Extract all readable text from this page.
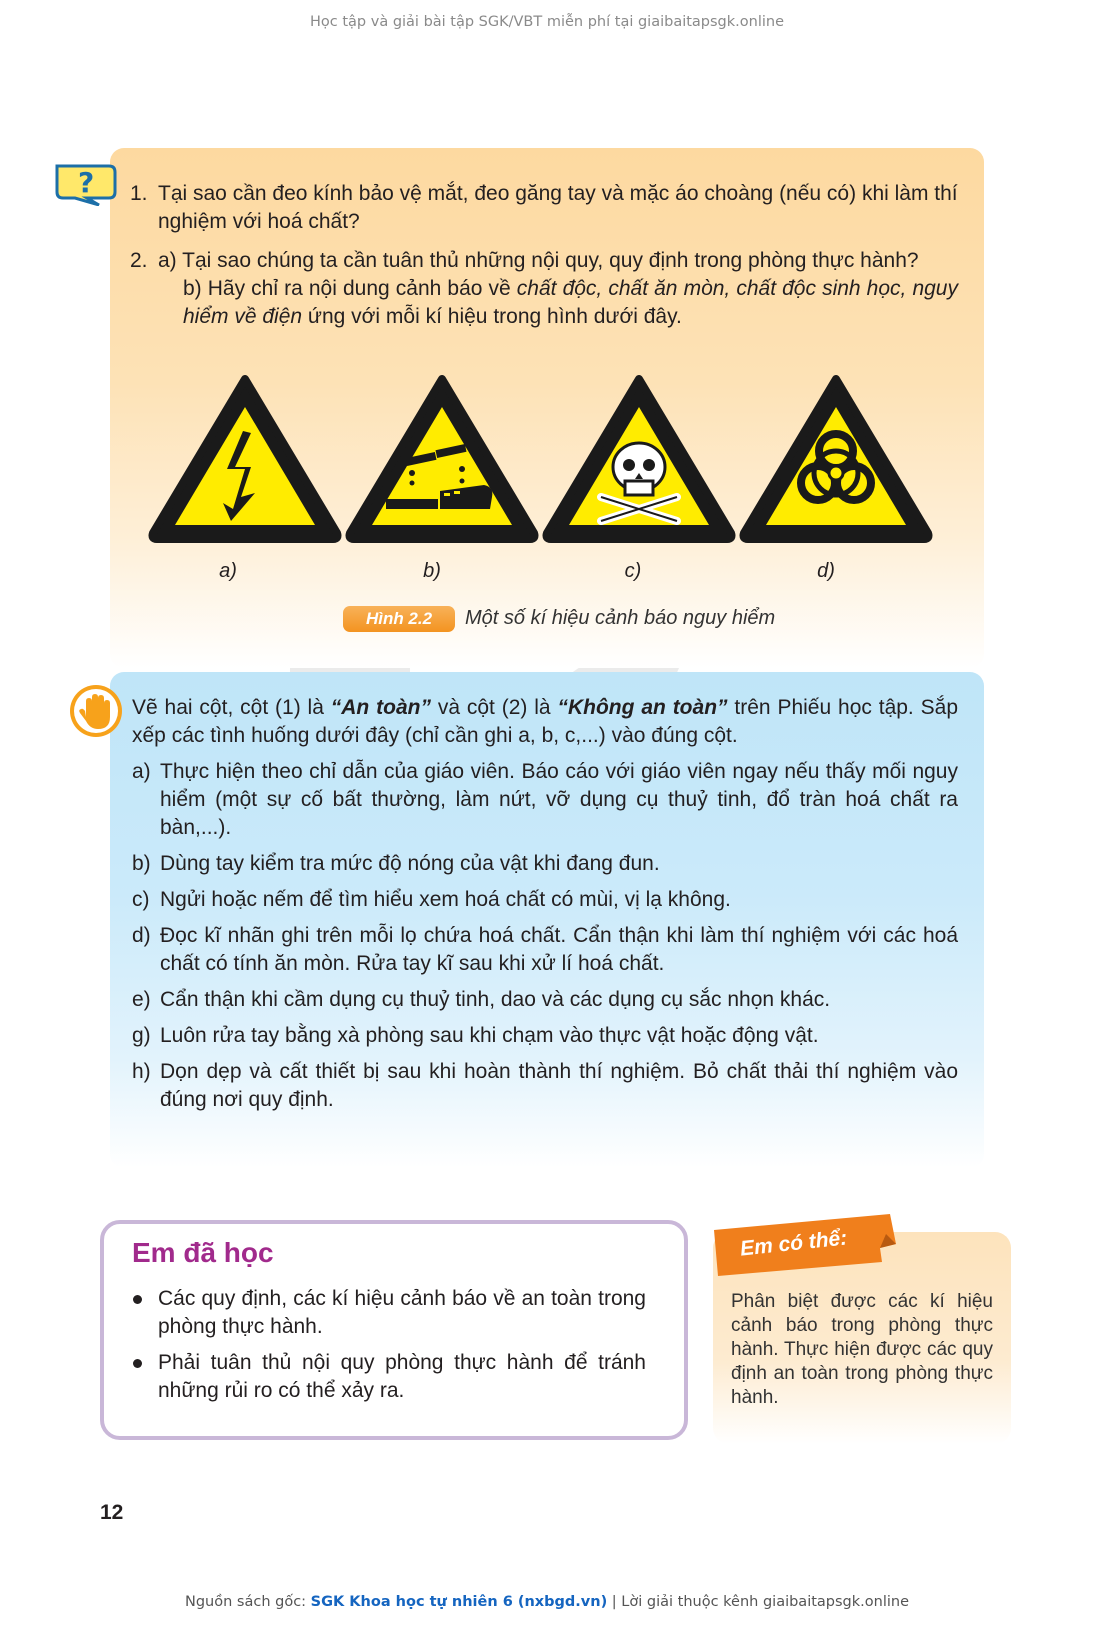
Học tập và giải bài tập SGK/VBT miễn phí tại giaibaitapsgk.online
? 1. Tại sao cần đeo kính bảo vệ mắt, đeo găng tay và mặc áo choàng (nếu có) khi làm thí nghiệm với hoá chất?
2. a) Tại sao chúng ta cần tuân thủ những nội quy, quy định trong phòng thực hành?

b) Hãy chỉ ra nội dung cảnh báo về chất độc, chất ăn mòn, chất độc sinh học, nguy hiểm về điện ứng với mỗi kí hiệu trong hình dưới đây.

a)	b)	c)	d)
Hình 2.2	Một số kí hiệu cảnh báo nguy hiểm

Vẽ hai cột, cột (1) là “An toàn” và cột (2) là “Không an toàn” trên Phiếu học tập. Sắp xếp các tình huống dưới đây (chỉ cần ghi a, b, c,...) vào đúng cột.

a) Thực hiện theo chỉ dẫn của giáo viên. Báo cáo với giáo viên ngay nếu thấy mối nguy hiểm (một sự cố bất thường, làm nứt, vỡ dụng cụ thuỷ tinh, đổ tràn hoá chất ra bàn,...).
b) Dùng tay kiểm tra mức độ nóng của vật khi đang đun.
c) Ngửi hoặc nếm để tìm hiểu xem hoá chất có mùi, vị lạ không.
d) Đọc kĩ nhãn ghi trên mỗi lọ chứa hoá chất. Cẩn thận khi làm thí nghiệm với các hoá chất có tính ăn mòn. Rửa tay kĩ sau khi xử lí hoá chất.
e) Cẩn thận khi cầm dụng cụ thuỷ tinh, dao và các dụng cụ sắc nhọn khác.
g) Luôn rửa tay bằng xà phòng sau khi chạm vào thực vật hoặc động vật.
h) Dọn dẹp và cất thiết bị sau khi hoàn thành thí nghiệm. Bỏ chất thải thí nghiệm vào đúng nơi quy định.
Em đã học
Các quy định, các kí hiệu cảnh báo về an toàn trong phòng thực hành.
Phải tuân thủ nội quy phòng thực hành để tránh những rủi ro có thể xảy ra.
Em có thể:
Phân biệt được các kí hiệu cảnh báo trong phòng thực hành. Thực hiện được các quy định an toàn trong phòng thực hành.
12
Nguồn sách gốc: SGK Khoa học tự nhiên 6 (nxbgd.vn) | Lời giải thuộc kênh giaibaitapsgk.online
